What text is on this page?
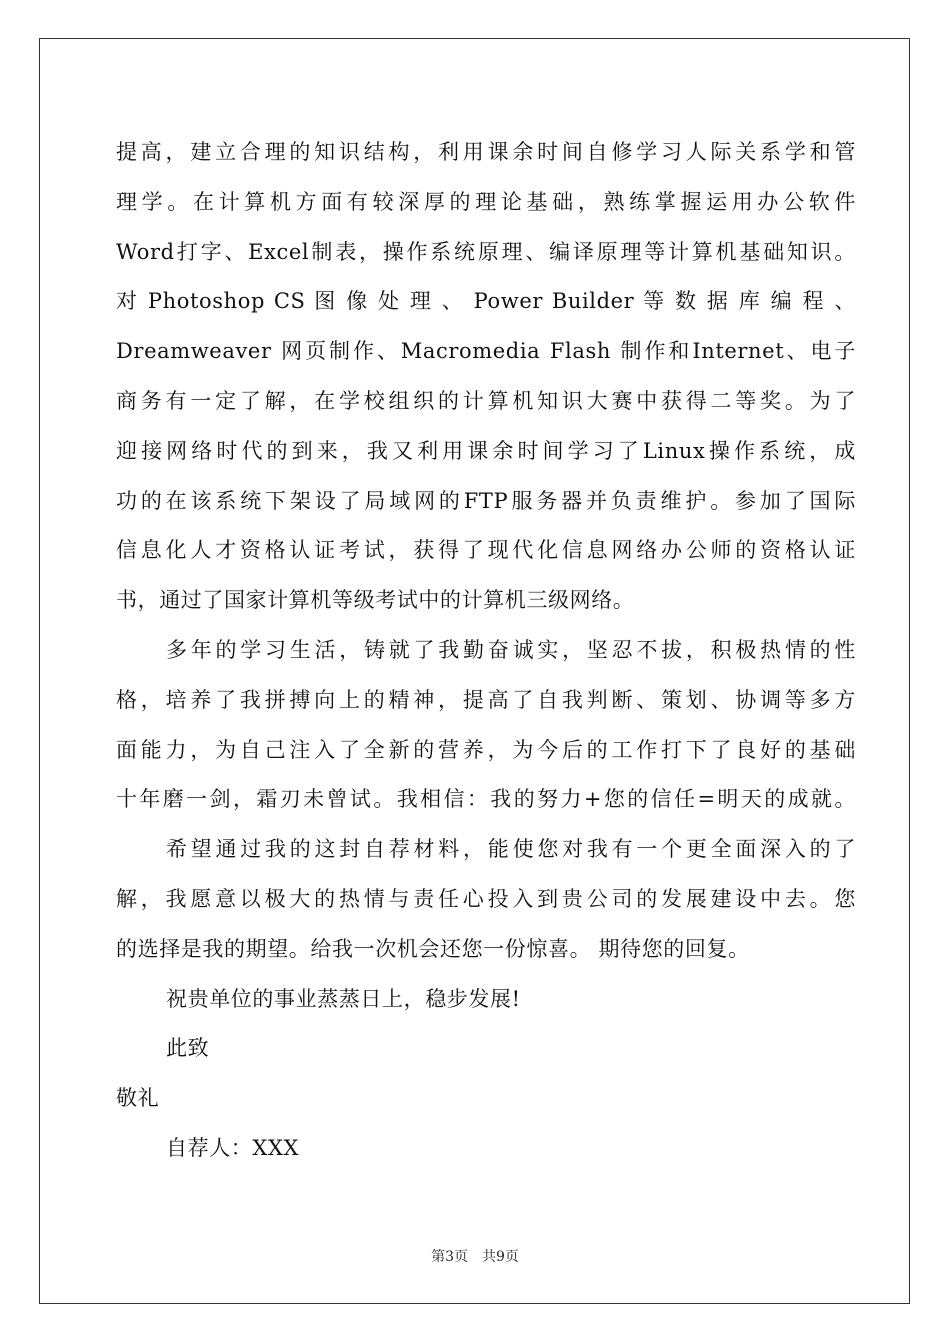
提高，建立合理的知识结构，利用课余时间自修学习人际关系学和管
理学。在计算机方面有较深厚的理论基础，熟练掌握运用办公软件
Word打字、Excel制表，操作系统原理、编译原理等计算机基础知识。
对 Photoshop CS 图 像 处 理 、 Power Builder 等 数 据 库 编 程 、
Dreamweaver 网页制作、Macromedia Flash 制作和Internet、电子
商务有一定了解，在学校组织的计算机知识大赛中获得二等奖。为了
迎接网络时代的到来，我又利用课余时间学习了Linux操作系统，成
功的在该系统下架设了局域网的FTP服务器并负责维护。参加了国际
信息化人才资格认证考试，获得了现代化信息网络办公师的资格认证
书，通过了国家计算机等级考试中的计算机三级网络。
多年的学习生活，铸就了我勤奋诚实，坚忍不拔，积极热情的性
格，培养了我拼搏向上的精神，提高了自我判断、策划、协调等多方
面能力，为自己注入了全新的营养，为今后的工作打下了良好的基础
十年磨一剑，霜刃未曾试。我相信：我的努力+您的信任=明天的成就。
希望通过我的这封自荐材料，能使您对我有一个更全面深入的了
解，我愿意以极大的热情与责任心投入到贵公司的发展建设中去。您
的选择是我的期望。给我一次机会还您一份惊喜。 期待您的回复。
祝贵单位的事业蒸蒸日上，稳步发展!
此致
敬礼
自荐人：XXX
第3页　共9页
